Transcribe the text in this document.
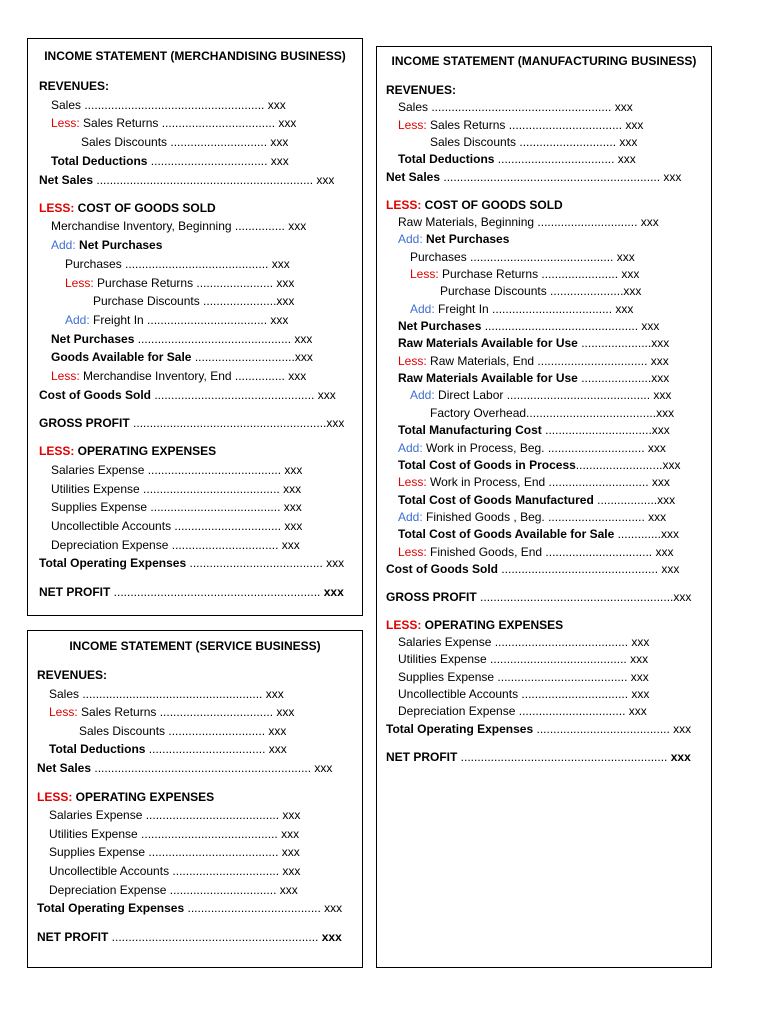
INCOME STATEMENT (MERCHANDISING BUSINESS)
REVENUES:
Sales ...................................................... xxx
Less: Sales Returns .................................. xxx
Sales Discounts ............................. xxx
Total Deductions ................................... xxx
Net Sales ................................................................. xxx
LESS: COST OF GOODS SOLD
Merchandise Inventory, Beginning ............... xxx
Add: Net Purchases
Purchases ........................................... xxx
Less: Purchase Returns ....................... xxx
Purchase Discounts ......................xxx
Add: Freight In .................................... xxx
Net Purchases .............................................. xxx
Goods Available for Sale ..............................xxx
Less: Merchandise Inventory, End ............... xxx
Cost of Goods Sold ................................................ xxx
GROSS PROFIT ..........................................................xxx
LESS: OPERATING EXPENSES
Salaries Expense ........................................ xxx
Utilities Expense ......................................... xxx
Supplies Expense ....................................... xxx
Uncollectible Accounts ................................ xxx
Depreciation Expense ................................ xxx
Total Operating Expenses ........................................ xxx
NET PROFIT .............................................................. xxx
INCOME STATEMENT (SERVICE BUSINESS)
REVENUES:
Sales ...................................................... xxx
Less: Sales Returns .................................. xxx
Sales Discounts ............................. xxx
Total Deductions ................................... xxx
Net Sales ................................................................. xxx
LESS: OPERATING EXPENSES
Salaries Expense ........................................ xxx
Utilities Expense ......................................... xxx
Supplies Expense ....................................... xxx
Uncollectible Accounts ................................ xxx
Depreciation Expense ................................ xxx
Total Operating Expenses ........................................ xxx
NET PROFIT .............................................................. xxx
INCOME STATEMENT (MANUFACTURING BUSINESS)
REVENUES:
Sales ...................................................... xxx
Less: Sales Returns .................................. xxx
Sales Discounts ............................. xxx
Total Deductions ................................... xxx
Net Sales ................................................................. xxx
LESS: COST OF GOODS SOLD
Raw Materials, Beginning .............................. xxx
Add: Net Purchases
Purchases ........................................... xxx
Less: Purchase Returns ....................... xxx
Purchase Discounts ......................xxx
Add: Freight In .................................... xxx
Net Purchases .............................................. xxx
Raw Materials Available for Use .....................xxx
Less: Raw Materials, End ................................. xxx
Raw Materials Available for Use .....................xxx
Add: Direct Labor ........................................... xxx
Factory Overhead.......................................xxx
Total Manufacturing Cost ................................xxx
Add: Work in Process, Beg. ............................. xxx
Total Cost of Goods in Process..........................xxx
Less: Work in Process, End .............................. xxx
Total Cost of Goods Manufactured ..................xxx
Add: Finished Goods , Beg. ............................. xxx
Total Cost of Goods Available for Sale .............xxx
Less: Finished Goods, End ................................ xxx
Cost of Goods Sold ............................................... xxx
GROSS PROFIT ..........................................................xxx
LESS: OPERATING EXPENSES
Salaries Expense ........................................ xxx
Utilities Expense ......................................... xxx
Supplies Expense ....................................... xxx
Uncollectible Accounts ................................ xxx
Depreciation Expense ................................ xxx
Total Operating Expenses ........................................ xxx
NET PROFIT .............................................................. xxx
